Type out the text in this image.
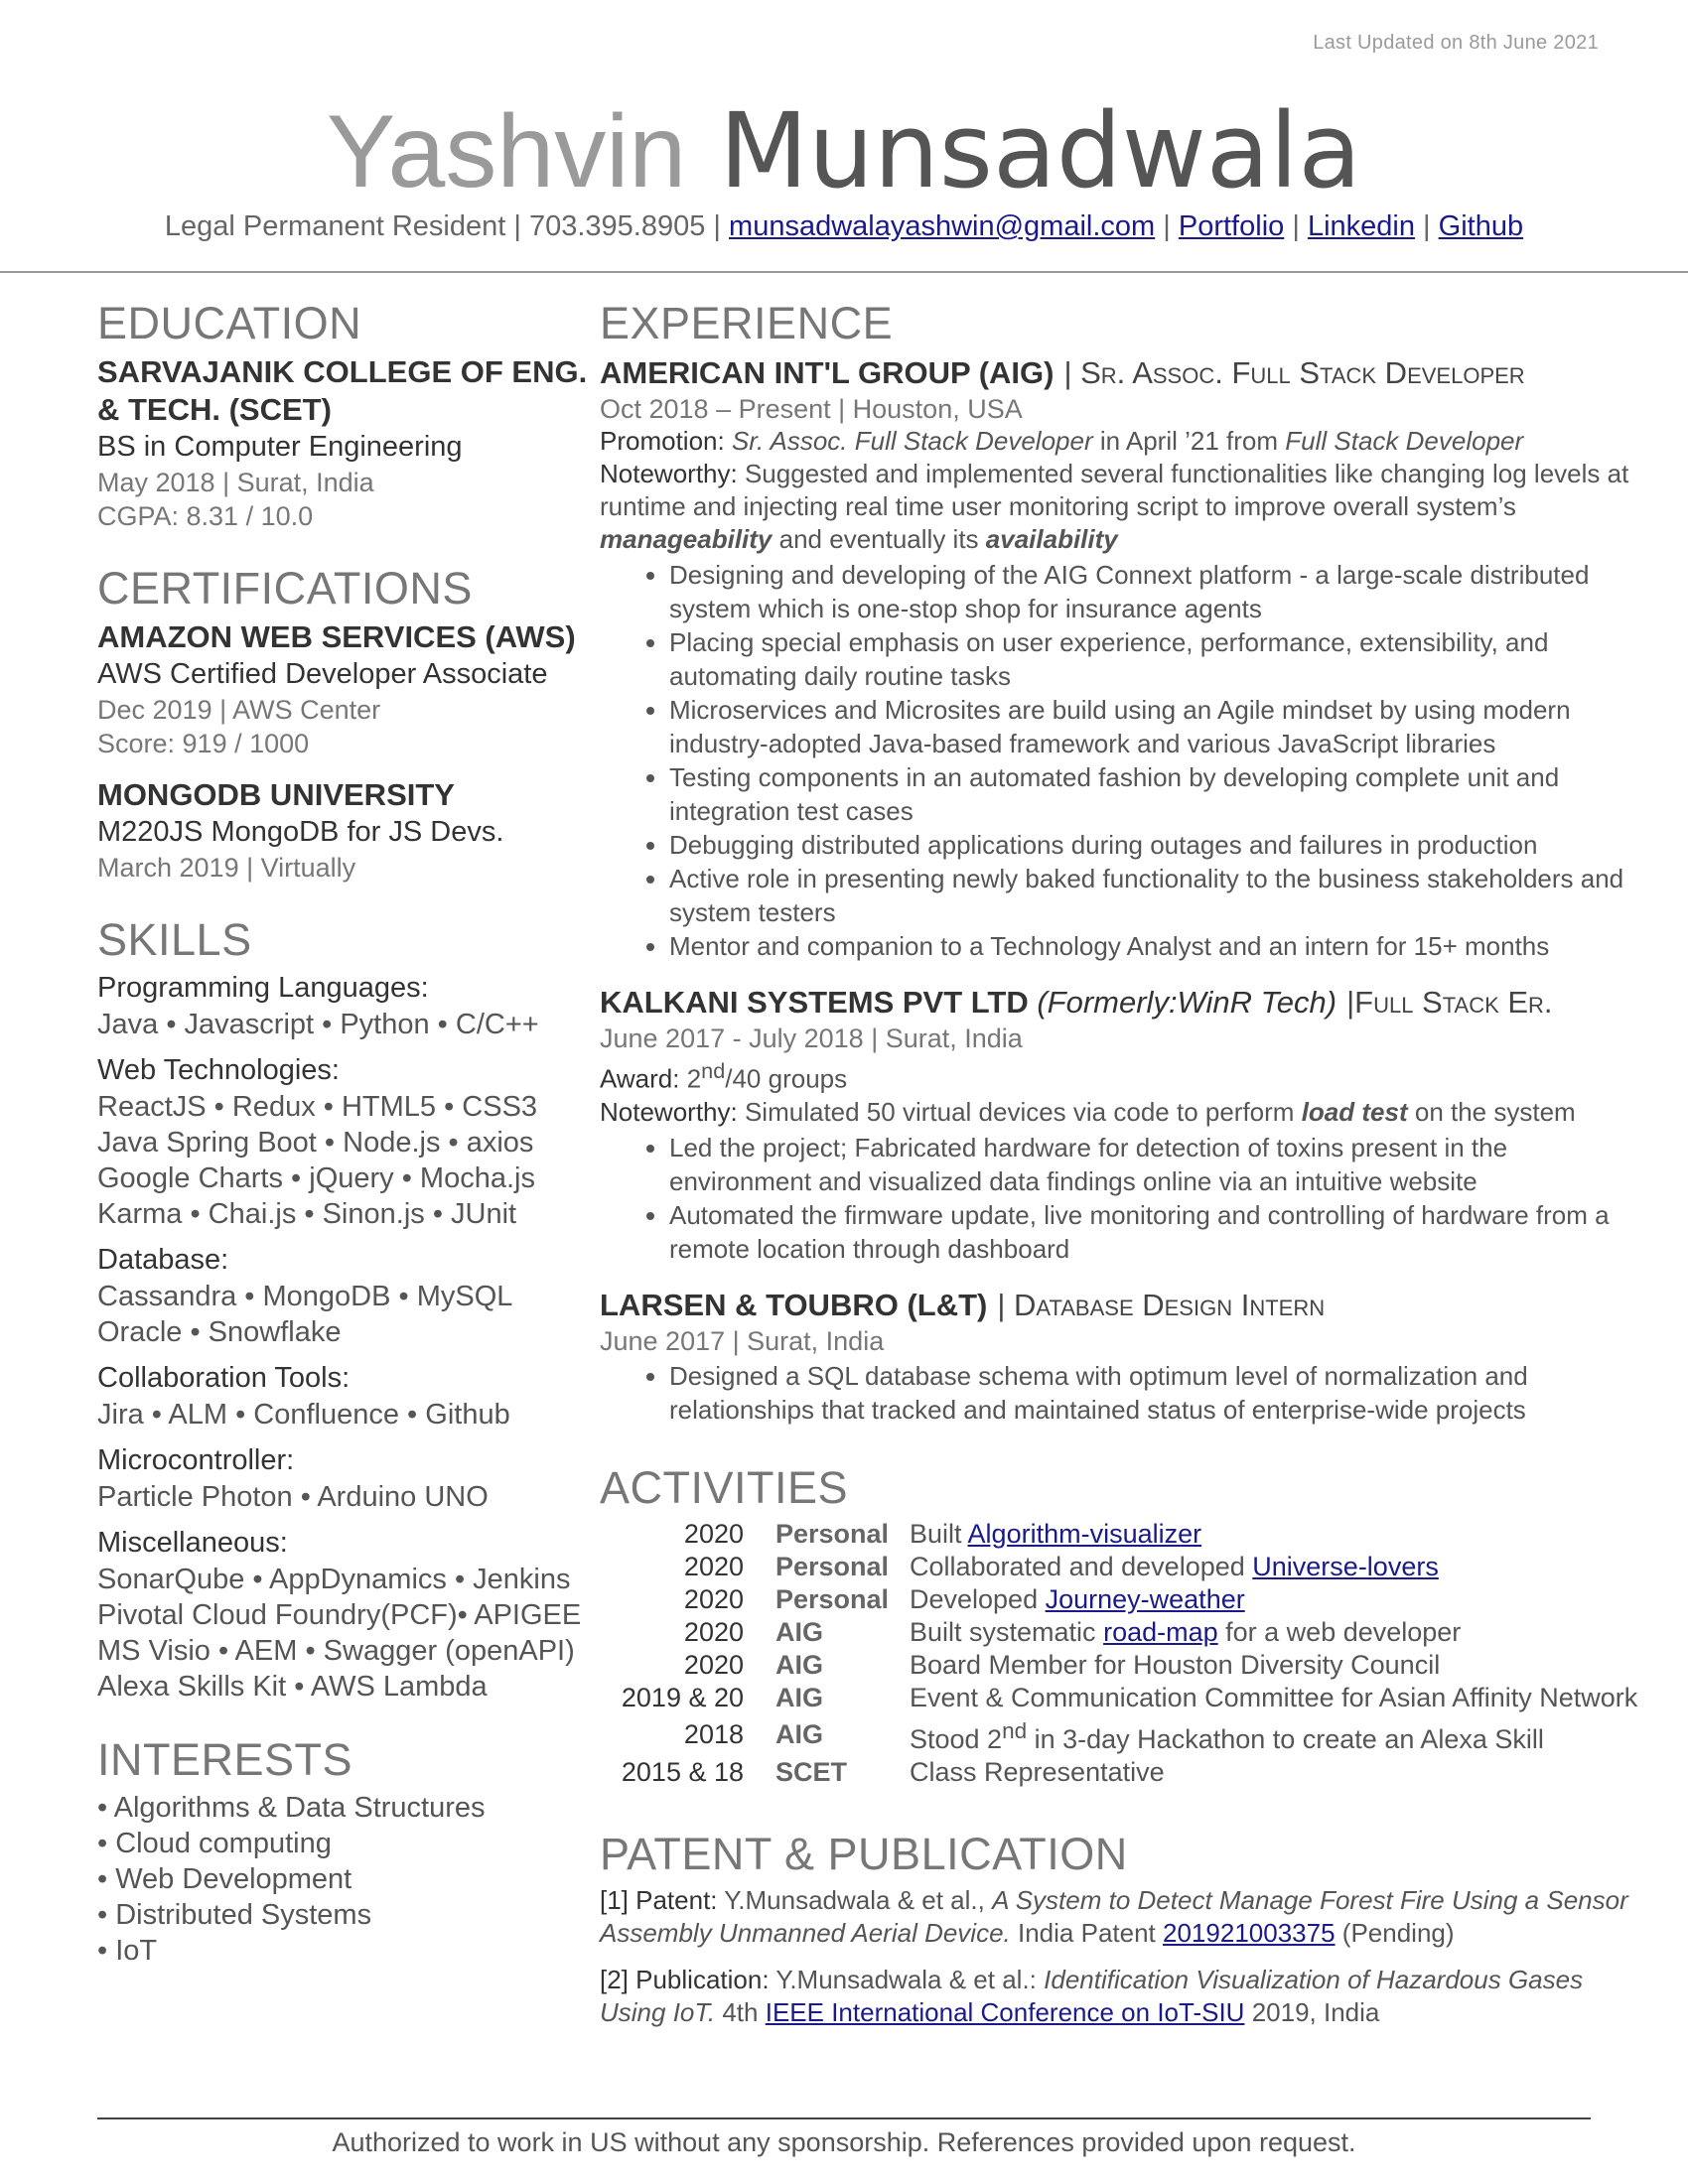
Last Updated on 8th June 2021
Yashvin Munsadwala
Legal Permanent Resident | 703.395.8905 | munsadwalayashwin@gmail.com | Portfolio | Linkedin | Github
EDUCATION
SARVAJANIK COLLEGE OF ENG. & TECH. (SCET)
BS in Computer Engineering
May 2018 | Surat, India
CGPA: 8.31 / 10.0
CERTIFICATIONS
AMAZON WEB SERVICES (AWS)
AWS Certified Developer Associate
Dec 2019 | AWS Center
Score: 919 / 1000
MONGODB UNIVERSITY
M220JS MongoDB for JS Devs.
March 2019 | Virtually
SKILLS
Programming Languages:
Java • Javascript • Python • C/C++
Web Technologies:
ReactJS • Redux • HTML5 • CSS3
Java Spring Boot • Node.js • axios
Google Charts • jQuery • Mocha.js
Karma • Chai.js • Sinon.js • JUnit
Database:
Cassandra • MongoDB • MySQL
Oracle • Snowflake
Collaboration Tools:
Jira • ALM • Confluence • Github
Microcontroller:
Particle Photon • Arduino UNO
Miscellaneous:
SonarQube • AppDynamics • Jenkins
Pivotal Cloud Foundry(PCF)• APIGEE
MS Visio • AEM • Swagger (openAPI)
Alexa Skills Kit • AWS Lambda
INTERESTS
• Algorithms & Data Structures
• Cloud computing
• Web Development
• Distributed Systems
• IoT
EXPERIENCE
AMERICAN INT'L GROUP (AIG) | Sr. Assoc. Full Stack Developer
Oct 2018 – Present | Houston, USA
Promotion: Sr. Assoc. Full Stack Developer in April ’21 from Full Stack Developer
Noteworthy: Suggested and implemented several functionalities like changing log levels at runtime and injecting real time user monitoring script to improve overall system’s manageability and eventually its availability
• Designing and developing of the AIG Connext platform - a large-scale distributed system which is one-stop shop for insurance agents
• Placing special emphasis on user experience, performance, extensibility, and automating daily routine tasks
• Microservices and Microsites are build using an Agile mindset by using modern industry-adopted Java-based framework and various JavaScript libraries
• Testing components in an automated fashion by developing complete unit and integration test cases
• Debugging distributed applications during outages and failures in production
• Active role in presenting newly baked functionality to the business stakeholders and system testers
• Mentor and companion to a Technology Analyst and an intern for 15+ months
KALKANI SYSTEMS PVT LTD (Formerly:WinR Tech) |Full Stack Er.
June 2017 - July 2018 | Surat, India
Award: 2nd/40 groups
Noteworthy: Simulated 50 virtual devices via code to perform load test on the system
• Led the project; Fabricated hardware for detection of toxins present in the environment and visualized data findings online via an intuitive website
• Automated the firmware update, live monitoring and controlling of hardware from a remote location through dashboard
LARSEN & TOUBRO (L&T) | Database Design Intern
June 2017 | Surat, India
• Designed a SQL database schema with optimum level of normalization and relationships that tracked and maintained status of enterprise-wide projects
ACTIVITIES
2020	Personal	Built Algorithm-visualizer
2020	Personal	Collaborated and developed Universe-lovers
2020	Personal	Developed Journey-weather
2020	AIG	Built systematic road-map for a web developer
2020	AIG	Board Member for Houston Diversity Council
2019 & 20	AIG	Event & Communication Committee for Asian Affinity Network
2018	AIG	Stood 2nd in 3-day Hackathon to create an Alexa Skill
2015 & 18	SCET	Class Representative
PATENT & PUBLICATION
[1] Patent: Y.Munsadwala & et al., A System to Detect Manage Forest Fire Using a Sensor Assembly Unmanned Aerial Device. India Patent 201921003375 (Pending)
[2] Publication: Y.Munsadwala & et al.: Identification Visualization of Hazardous Gases Using IoT. 4th IEEE International Conference on IoT-SIU 2019, India
Authorized to work in US without any sponsorship. References provided upon request.
